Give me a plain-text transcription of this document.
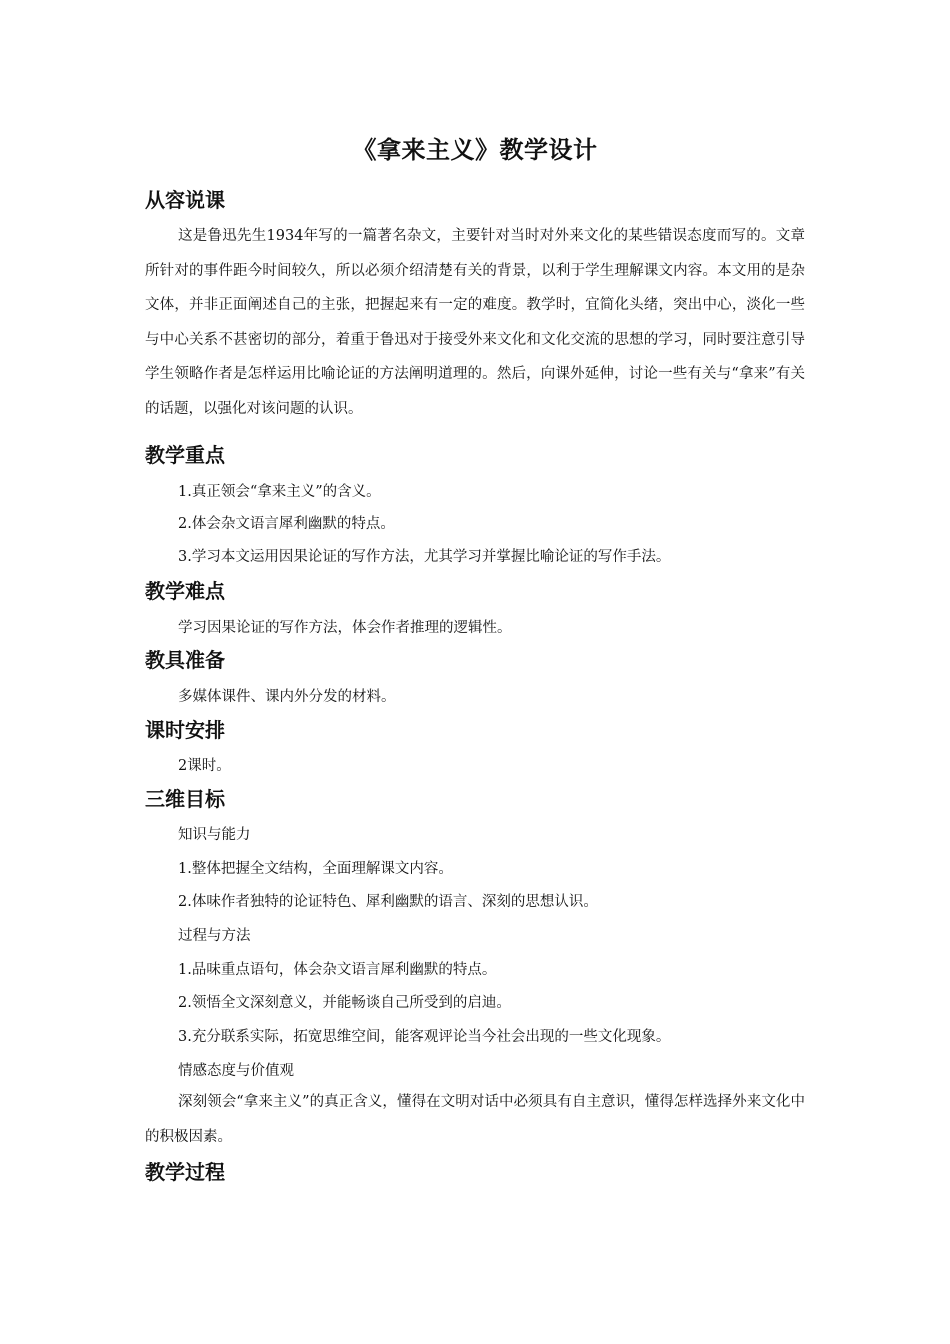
《拿来主义》教学设计
从容说课

这是鲁迅先生1934年写的一篇著名杂文，主要针对当时对外来文化的某些错误态度而写的。文章所针对的事件距今时间较久，所以必须介绍清楚有关的背景，以利于学生理解课文内容。本文用的是杂文体，并非正面阐述自己的主张，把握起来有一定的难度。教学时，宜简化头绪，突出中心，淡化一些与中心关系不甚密切的部分，着重于鲁迅对于接受外来文化和文化交流的思想的学习，同时要注意引导学生领略作者是怎样运用比喻论证的方法阐明道理的。然后，向课外延伸，讨论一些有关与“拿来”有关的话题，以强化对该问题的认识。

教学重点

1.真正领会“拿来主义”的含义。

2.体会杂文语言犀利幽默的特点。

3.学习本文运用因果论证的写作方法，尤其学习并掌握比喻论证的写作手法。

教学难点

学习因果论证的写作方法，体会作者推理的逻辑性。

教具准备

多媒体课件、课内外分发的材料。

课时安排

2课时。

三维目标

知识与能力

1.整体把握全文结构，全面理解课文内容。

2.体味作者独特的论证特色、犀利幽默的语言、深刻的思想认识。

过程与方法

1.品味重点语句，体会杂文语言犀利幽默的特点。

2.领悟全文深刻意义，并能畅谈自己所受到的启迪。

3.充分联系实际，拓宽思维空间，能客观评论当今社会出现的一些文化现象。

情感态度与价值观

深刻领会“拿来主义”的真正含义，懂得在文明对话中必须具有自主意识，懂得怎样选择外来文化中的积极因素。

教学过程
